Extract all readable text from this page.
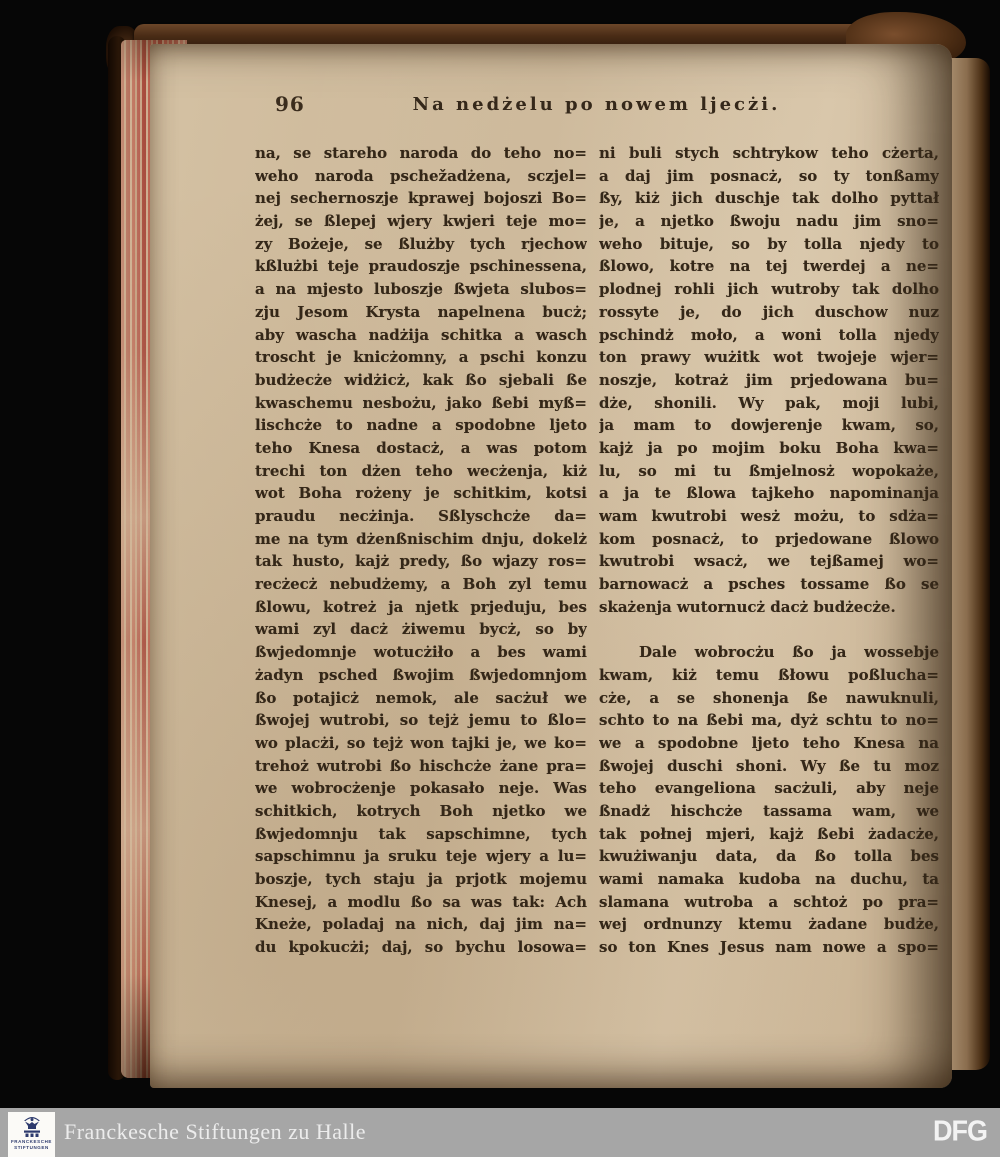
96	Na nedżelu po nowem ljecżi.
na, se stareho naroda do teho no=
weho naroda pschežadżena, sczjel=
nej sechernoszje kprawej bojoszi Bo=
żej, se ßlepej wjery kwjeri teje mo=
zy Bożeje, se ßlużby tych rjechow
kßlużbi teje praudoszje pschinessena,
a na mjesto luboszje ßwjeta slubos=
zju Jesom Krysta napelnena bucż;
aby wascha nadżija schitka a wasch
troscht je knicżomny, a pschi konzu
budżecże widżicż, kak ßo sjebali ße
kwaschemu nesbożu, jako ßebi myß=
lischcże to nadne a spodobne ljeto
teho Knesa dostacż, a was potom
trechi ton dżen teho wecżenja, kiż
wot Boha rożeny je schitkim, kotsi
praudu necżinja. Sßlyschcże da=
me na tym dżenßnischim dnju, dokelż
tak husto, kajż predy, ßo wjazy ros=
recżecż nebudżemy, a Boh zyl temu
ßlowu, kotreż ja njetk prjeduju, bes
wami zyl dacż żiwemu bycż, so by
ßwjedomnje wotucżiło a bes wami
żadyn psched ßwojim ßwjedomnjom
ßo potajicż nemok, ale sacżuł we
ßwojej wutrobi, so tejż jemu to ßlo=
wo placżi, so tejż won tajki je, we ko=
trehoż wutrobi ßo hischcże żane pra=
we wobrocżenje pokasało neje. Was
schitkich, kotrych Boh njetko we
ßwjedomnju tak sapschimne, tych
sapschimnu ja sruku teje wjery a lu=
boszje, tych staju ja prjotk mojemu
Knesej, a modlu ßo sa was tak: Ach
Kneże, poladaj na nich, daj jim na=
du kpokucżi; daj, so bychu losowa=
ni buli stych schtrykow teho cżerta,
a daj jim posnacż, so ty tonßamy
ßy, kiż jich duschje tak dolho pyttał
je, a njetko ßwoju nadu jim sno=
weho bituje, so by tolla njedy to
ßlowo, kotre na tej twerdej a ne=
plodnej rohli jich wutroby tak dolho
rossyte je, do jich duschow nuz
pschindż moło, a woni tolla njedy
ton prawy wużitk wot twojeje wjer=
noszje, kotraż jim prjedowana bu=
dże, shonili. Wy pak, moji lubi,
ja mam to dowjerenje kwam, so,
kajż ja po mojim boku Boha kwa=
lu, so mi tu ßmjelnosż wopokaże,
a ja te ßlowa tajkeho napominanja
wam kwutrobi wesż możu, to sdża=
kom posnacż, to prjedowane ßlowo
kwutrobi wsacż, we tejßamej wo=
barnowacż a psches tossame ßo se
skażenja wutornucż dacż budżecże.
Dale wobrocżu ßo ja wossebje
kwam, kiż temu ßłowu poßlucha=
cże, a se shonenja ße nawuknuli,
schto to na ßebi ma, dyż schtu to no=
we a spodobne ljeto teho Knesa na
ßwojej duschi shoni. Wy ße tu moz
teho evangeliona sacżuli, aby neje
ßnadż hischcże tassama wam, we
tak połnej mjeri, kajż ßebi żadacże,
kwużiwanju data, da ßo tolla bes
wami namaka kudoba na duchu, ta
slamana wutroba a schtoż po pra=
wej ordnunzy ktemu żadane budże,
so ton Knes Jesus nam nowe a spo=
FRANCKESCHE
STIFTUNGEN
Franckesche Stiftungen zu Halle	DFG
